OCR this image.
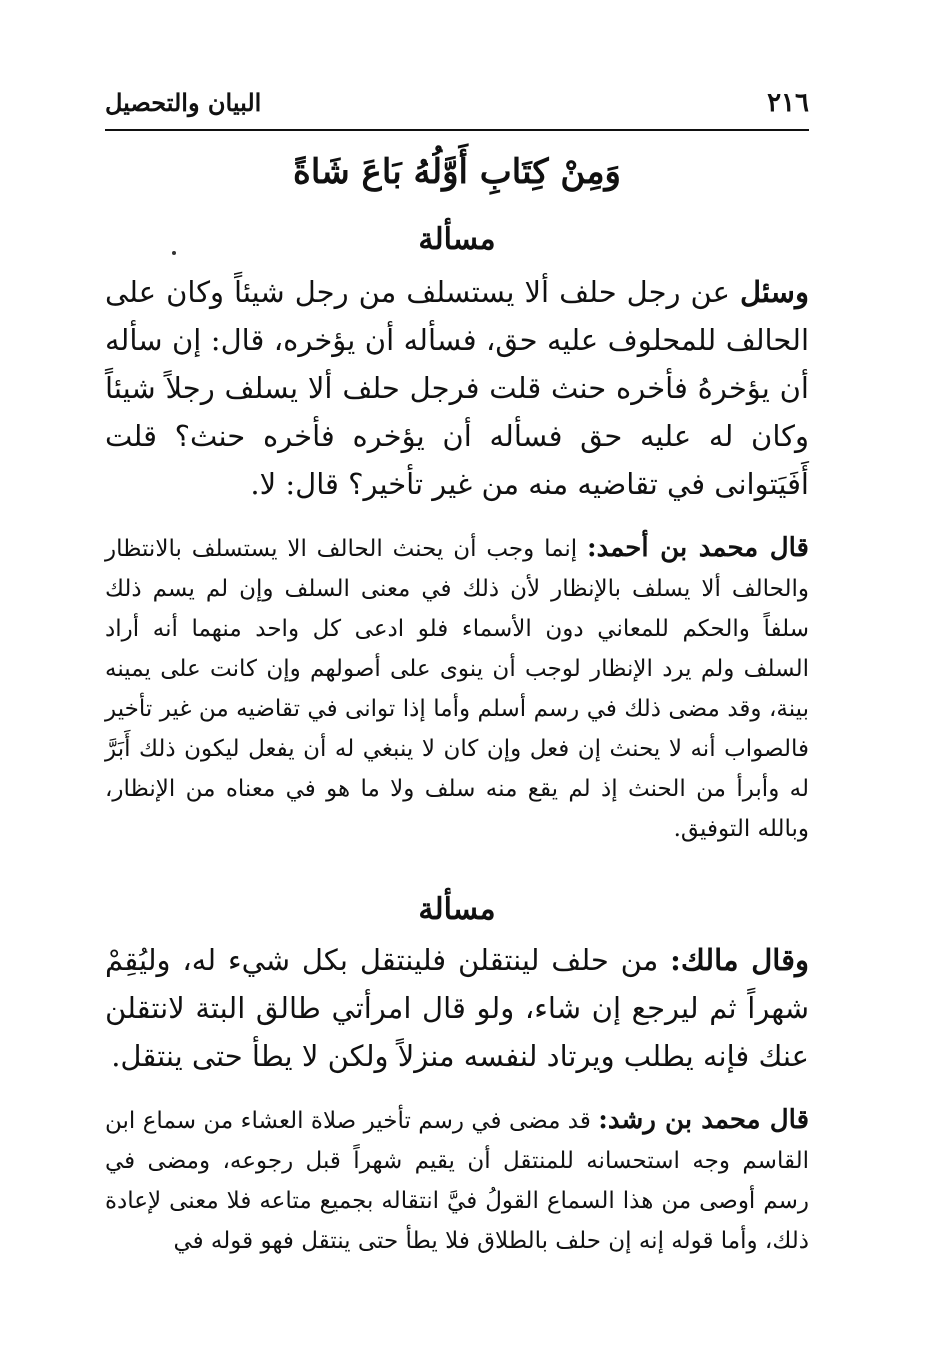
٢١٦
البيان والتحصيل
وَمِنْ كِتَابِ أَوَّلُهُ بَاعَ شَاةً
مسألة

وسئل عن رجل حلف ألا يستسلف من رجل شيئاً وكان على الحالف للمحلوف عليه حق، فسأله أن يؤخره، قال: إن سأله أن يؤخرهُ فأخره حنث قلت فرجل حلف ألا يسلف رجلاً شيئاً وكان له عليه حق فسأله أن يؤخره فأخره حنث؟ قلت أَفَيَتوانى في تقاضيه منه من غير تأخير؟ قال: لا.

قال محمد بن أحمد: إنما وجب أن يحنث الحالف الا يستسلف بالانتظار والحالف ألا يسلف بالإنظار لأن ذلك في معنى السلف وإن لم يسم ذلك سلفاً والحكم للمعاني دون الأسماء فلو ادعى كل واحد منهما أنه أراد السلف ولم يرد الإنظار لوجب أن ينوى على أصولهم وإن كانت على يمينه بينة، وقد مضى ذلك في رسم أسلم وأما إذا توانى في تقاضيه من غير تأخير فالصواب أنه لا يحنث إن فعل وإن كان لا ينبغي له أن يفعل ليكون ذلك أَبَرَّ له وأبرأ من الحنث إذ لم يقع منه سلف ولا ما هو في معناه من الإنظار، وبالله التوفيق.

مسألة

وقال مالك: من حلف لينتقلن فلينتقل بكل شيء له، وليُقِمْ شهراً ثم ليرجع إن شاء، ولو قال امرأتي طالق البتة لانتقلن عنك فإنه يطلب ويرتاد لنفسه منزلاً ولكن لا يطأ حتى ينتقل.

قال محمد بن رشد: قد مضى في رسم تأخير صلاة العشاء من سماع ابن القاسم وجه استحسانه للمنتقل أن يقيم شهراً قبل رجوعه، ومضى في رسم أوصى من هذا السماع القولُ فيَّ انتقاله بجميع متاعه فلا معنى لإعادة ذلك، وأما قوله إنه إن حلف بالطلاق فلا يطأ حتى ينتقل فهو قوله في
